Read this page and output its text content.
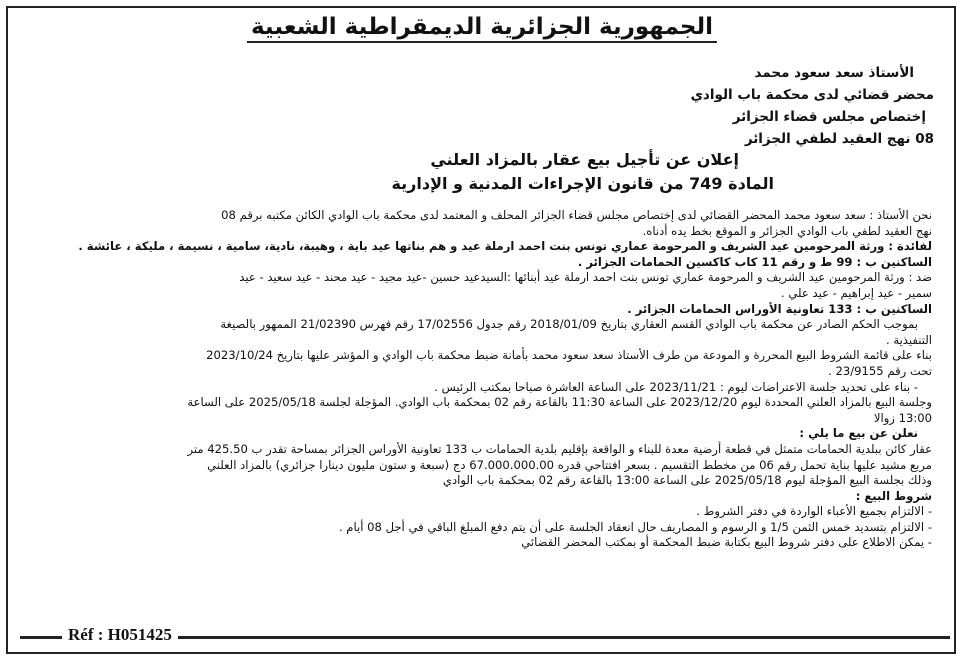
الجمهورية الجزائرية الديمقراطية الشعبية
الأستاذ سعد سعود محمد
محضر قضائي لدى محكمة باب الوادي
إختصاص مجلس قضاء الجزائر
08 نهج العقيد لطفي الجزائر
إعلان عن تأجيل بيع عقار بالمزاد العلني
المادة 749 من قانون الإجراءات المدنية و الإدارية
نحن الأستاذ : سعد سعود محمد المحضر القضائي لدى إختصاص مجلس قضاء الجزائر المحلف و المعتمد لدى محكمة باب الوادي الكائن مكتبه برقم 08
نهج العقيد لطفي باب الوادي الجزائر و الموقع بخط يده أدناه.
لفائدة : ورثة المرحومين عيد الشريف و المرحومة عماري تونس بنت احمد ارملة عيد و هم بناتها عيد باية ، وهيبة، نادية، سامية ، نسيمة ، مليكة ، عائشة .
الساكنين ب : 99 ط و رقم 11 كاب كاكسين الحمامات الجزائر .
ضد : ورثة المرحومين عيد الشريف و المرحومة عماري تونس بنت احمد ارملة عيد أبنائها :السيدعيد حسين -عيد مجيد - عيد محند - عيد سعيد - عيد
سمير - عيد إبراهيم - عيد علي .
الساكنين ب : 133 تعاونية الأوراس الحمامات الجزائر .
بموجب الحكم الصادر عن محكمة باب الوادي القسم العقاري بتاريخ 2018/01/09 رقم جدول 17/02556 رقم فهرس 21/02390 الممهور بالصيغة
التنفيذية .
بناء على قائمة الشروط البيع المحررة و المودعة من طرف الأستاذ سعد سعود محمد بأمانة ضبط محكمة باب الوادي و المؤشر عليها بتاريخ 2023/10/24
تحت رقم 23/9155 .
- بناء على تحديد جلسة الاعتراضات ليوم : 2023/11/21 على الساعة العاشرة صباحا بمكتب الرئيس .
وجلسة البيع بالمزاد العلني المحددة ليوم 2023/12/20 على الساعة 11:30 بالقاعة رقم 02 بمحكمة باب الوادي. المؤجلة لجلسة 2025/05/18 على الساعة
13:00 زوالا
نعلن عن بيع ما يلي :
عقار كائن ببلدية الحمامات متمثل في قطعة أرضية معدة للبناء و الواقعة بإقليم بلدية الحمامات ب 133 تعاونية الأوراس الجزائر بمساحة تقدر ب 425.50 متر
مربع مشيد عليها بناية تحمل رقم 06 من مخطط التقسيم . بسعر افتتاحي قدره 67.000.000.00 دج (سبعة و ستون مليون دينارا جزائري) بالمزاد العلني
وذلك بجلسة البيع المؤجلة ليوم 2025/05/18 على الساعة 13:00 بالقاعة رقم 02 بمحكمة باب الوادي
شروط البيع :
- الالتزام بجميع الأعباء الواردة في دفتر الشروط .
- الالتزام بتسديد خمس الثمن 1/5 و الرسوم و المصاريف حال انعقاد الجلسة على أن يتم دفع المبلغ الباقي في أجل 08 أيام .
- يمكن الاطلاع على دفتر شروط البيع بكتابة ضبط المحكمة أو بمكتب المحضر القضائي
Réf : H051425
